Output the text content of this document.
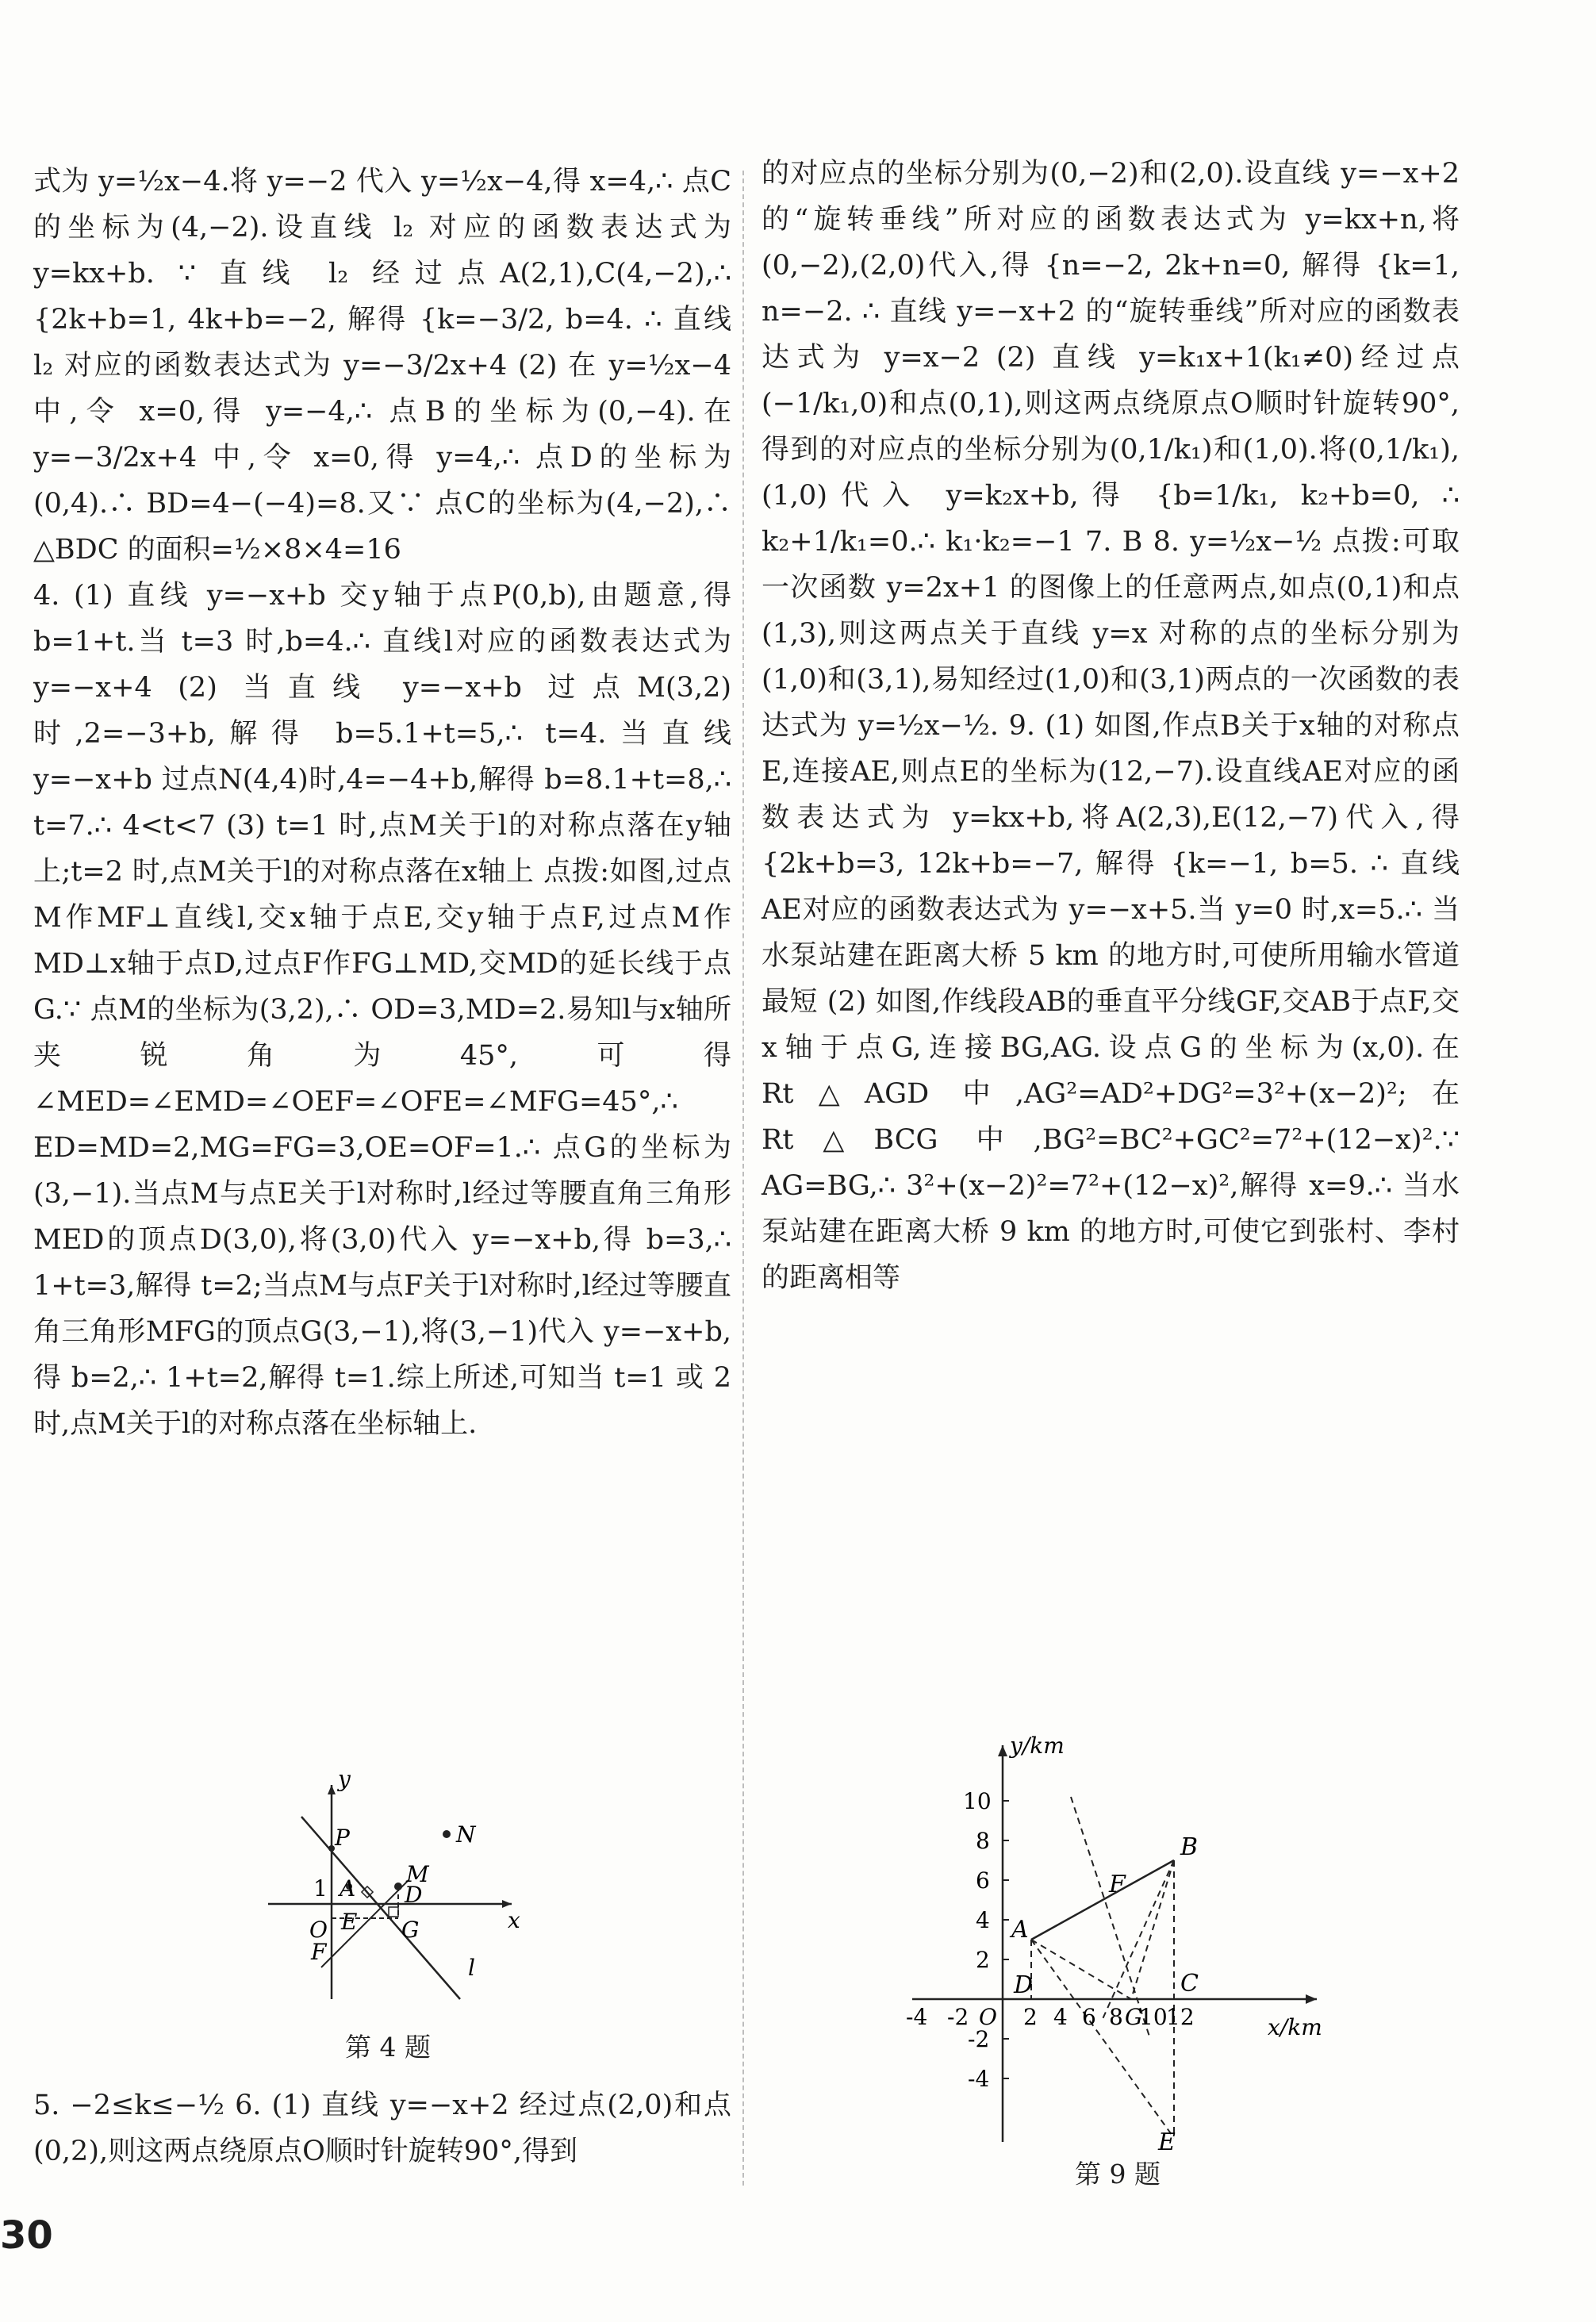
式为 y=½x−4.将 y=−2 代入 y=½x−4,得 x=4,∴ 点C的坐标为(4,−2).设直线 l₂ 对应的函数表达式为 y=kx+b. ∵ 直线 l₂ 经过点A(2,1),C(4,−2),∴ {2k+b=1, 4k+b=−2, 解得 {k=−3/2, b=4. ∴ 直线 l₂ 对应的函数表达式为 y=−3/2x+4 (2) 在 y=½x−4 中,令 x=0,得 y=−4,∴ 点B的坐标为(0,−4).在 y=−3/2x+4 中,令 x=0,得 y=4,∴ 点D的坐标为(0,4).∴ BD=4−(−4)=8.又∵ 点C的坐标为(4,−2),∴ △BDC 的面积=½×8×4=16

4. (1) 直线 y=−x+b 交y轴于点P(0,b),由题意,得 b=1+t.当 t=3 时,b=4.∴ 直线l对应的函数表达式为 y=−x+4 (2) 当直线 y=−x+b 过点M(3,2)时,2=−3+b,解得 b=5.1+t=5,∴ t=4.当直线 y=−x+b 过点N(4,4)时,4=−4+b,解得 b=8.1+t=8,∴ t=7.∴ 4<t<7 (3) t=1 时,点M关于l的对称点落在y轴上;t=2 时,点M关于l的对称点落在x轴上 点拨:如图,过点M作MF⊥直线l,交x轴于点E,交y轴于点F,过点M作MD⊥x轴于点D,过点F作FG⊥MD,交MD的延长线于点G.∵ 点M的坐标为(3,2),∴ OD=3,MD=2.易知l与x轴所夹锐角为45°,可得∠MED=∠EMD=∠OEF=∠OFE=∠MFG=45°,∴ ED=MD=2,MG=FG=3,OE=OF=1.∴ 点G的坐标为(3,−1).当点M与点E关于l对称时,l经过等腰直角三角形MED的顶点D(3,0),将(3,0)代入 y=−x+b,得 b=3,∴ 1+t=3,解得 t=2;当点M与点F关于l对称时,l经过等腰直角三角形MFG的顶点G(3,−1),将(3,−1)代入 y=−x+b,得 b=2,∴ 1+t=2,解得 t=1.综上所述,可知当 t=1 或 2 时,点M关于l的对称点落在坐标轴上.

y
x
P	N
M
A D
1
O E G
F
l
第 4 题

5. −2≤k≤−½ 6. (1) 直线 y=−x+2 经过点(2,0)和点(0,2),则这两点绕原点O顺时针旋转90°,得到

的对应点的坐标分别为(0,−2)和(2,0).设直线 y=−x+2 的“旋转垂线”所对应的函数表达式为 y=kx+n,将(0,−2),(2,0)代入,得 {n=−2, 2k+n=0, 解得 {k=1, n=−2. ∴ 直线 y=−x+2 的“旋转垂线”所对应的函数表达式为 y=x−2 (2) 直线 y=k₁x+1(k₁≠0)经过点(−1/k₁,0)和点(0,1),则这两点绕原点O顺时针旋转90°,得到的对应点的坐标分别为(0,1/k₁)和(1,0).将(0,1/k₁),(1,0)代入 y=k₂x+b,得 {b=1/k₁, k₂+b=0, ∴ k₂+1/k₁=0.∴ k₁·k₂=−1 7. B 8. y=½x−½ 点拨:可取一次函数 y=2x+1 的图像上的任意两点,如点(0,1)和点(1,3),则这两点关于直线 y=x 对称的点的坐标分别为(1,0)和(3,1),易知经过(1,0)和(3,1)两点的一次函数的表达式为 y=½x−½. 9. (1) 如图,作点B关于x轴的对称点E,连接AE,则点E的坐标为(12,−7).设直线AE对应的函数表达式为 y=kx+b,将A(2,3),E(12,−7)代入,得 {2k+b=3, 12k+b=−7, 解得 {k=−1, b=5. ∴ 直线AE对应的函数表达式为 y=−x+5.当 y=0 时,x=5.∴ 当水泵站建在距离大桥 5 km 的地方时,可使所用输水管道最短 (2) 如图,作线段AB的垂直平分线GF,交AB于点F,交x轴于点G,连接BG,AG.设点G的坐标为(x,0).在 Rt△AGD 中,AG²=AD²+DG²=3²+(x−2)²;在 Rt△BCG 中,BG²=BC²+GC²=7²+(12−x)².∵ AG=BG,∴ 3²+(x−2)²=7²+(12−x)²,解得 x=9.∴ 当水泵站建在距离大桥 9 km 的地方时,可使它到张村、李村的距离相等

y/km
x/km
10
8
6
4
2
-2
-4
-4 -2 O 2 4 6 8 G
10
12
A
B
C
D
E
F
第 9 题
30
